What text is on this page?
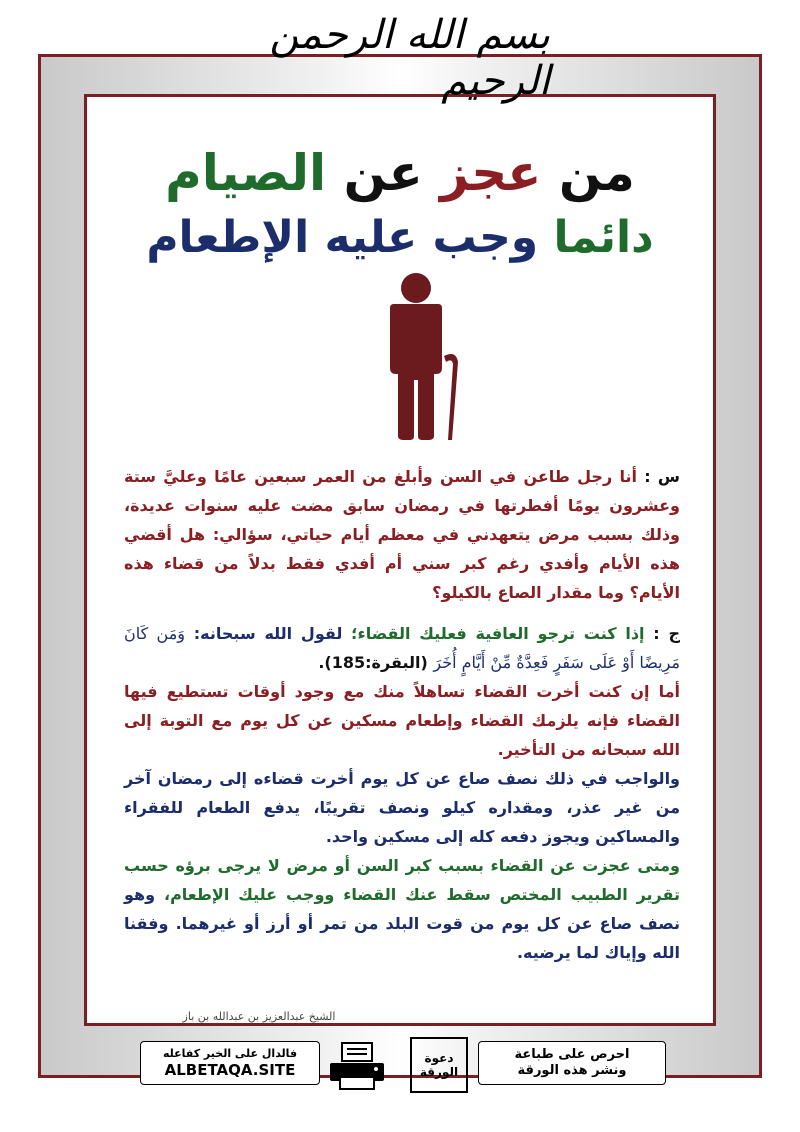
بسم الله الرحمن الرحيم
من عجز عن الصيام
دائما وجب عليه الإطعام

س : أنا رجل طاعن في السن وأبلغ من العمر سبعين عامًا وعليَّ ستة وعشرون يومًا أفطرتها في رمضان سابق مضت عليه سنوات عديدة، وذلك بسبب مرض يتعهدني في معظم أيام حياتي، سؤالي: هل أقضي هذه الأيام وأفدي رغم كبر سني أم أفدي فقط بدلاً من قضاء هذه الأيام؟ وما مقدار الصاع بالكيلو؟

ج : إذا كنت ترجو العافية فعليك القضاء؛ لقول الله سبحانه: وَمَن كَانَ مَرِيضًا أَوْ عَلَى سَفَرٍ فَعِدَّةٌ مِّنْ أَيَّامٍ أُخَرَ (البقرة:185).

أما إن كنت أخرت القضاء تساهلاً منك مع وجود أوقات تستطيع فيها القضاء فإنه يلزمك القضاء وإطعام مسكين عن كل يوم مع التوبة إلى الله سبحانه من التأخير.

والواجب في ذلك نصف صاع عن كل يوم أخرت قضاءه إلى رمضان آخر من غير عذر، ومقداره كيلو ونصف تقريبًا، يدفع الطعام للفقراء والمساكين ويجوز دفعه كله إلى مسكين واحد.

ومتى عجزت عن القضاء بسبب كبر السن أو مرض لا يرجى برؤه حسب تقرير الطبيب المختص سقط عنك القضاء ووجب عليك الإطعام، وهو نصف صاع عن كل يوم من قوت البلد من تمر أو أرز أو غيرهما. وفقنا الله وإياك لما يرضيه.

الشيخ عبدالعزيز بن عبدالله بن باز
احرص على طباعة
ونشر هذه الورقة
دعوة
الورقة
فالدال على الخير كفاعله
ALBETAQA.SITE
